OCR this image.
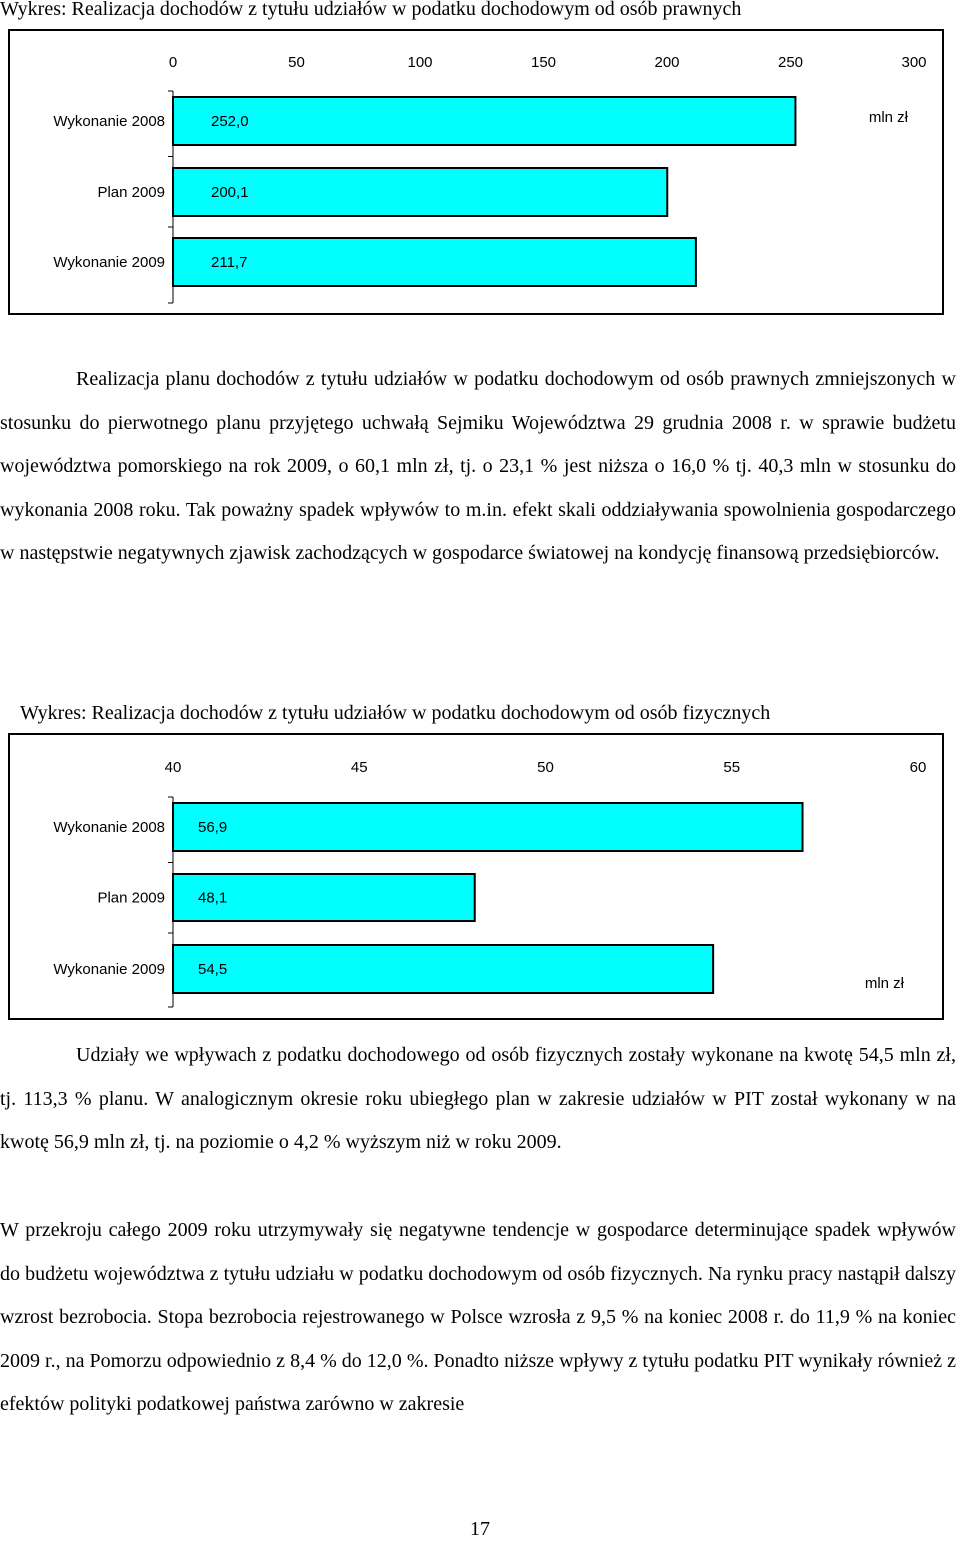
Wykres: Realizacja dochodów z tytułu udziałów w podatku dochodowym od osób prawnych
0	50	100	150	200	250	300
Wykonanie 2008	252,0
Plan 2009	200,1
Wykonanie 2009	211,7
mln zł

Realizacja planu dochodów z tytułu udziałów w podatku dochodowym od osób prawnych zmniejszonych w stosunku do pierwotnego planu przyjętego uchwałą Sejmiku Województwa 29 grudnia 2008 r. w sprawie budżetu województwa pomorskiego na rok 2009, o 60,1 mln zł, tj. o 23,1 % jest niższa o 16,0 % tj. 40,3 mln w stosunku do wykonania 2008 roku. Tak poważny spadek wpływów to m.in. efekt skali oddziaływania spowolnienia gospodarczego w następstwie negatywnych zjawisk zachodzących w gospodarce światowej na kondycję finansową przedsiębiorców.

Wykres: Realizacja dochodów z tytułu udziałów w podatku dochodowym od osób fizycznych
40	45	50	55	60
Wykonanie 2008 56,9
Plan 2009 48,1
Wykonanie 2009 54,5
mln zł

Udziały we wpływach z podatku dochodowego od osób fizycznych zostały wykonane na kwotę 54,5 mln zł, tj. 113,3 % planu. W analogicznym okresie roku ubiegłego plan w zakresie udziałów w PIT został wykonany w na kwotę 56,9 mln zł, tj. na poziomie o 4,2 % wyższym niż w roku 2009.

W przekroju całego 2009 roku utrzymywały się negatywne tendencje w gospodarce determinujące spadek wpływów do budżetu województwa z tytułu udziału w podatku dochodowym od osób fizycznych. Na rynku pracy nastąpił dalszy wzrost bezrobocia. Stopa bezrobocia rejestrowanego w Polsce wzrosła z 9,5 % na koniec 2008 r. do 11,9 % na koniec 2009 r., na Pomorzu odpowiednio z 8,4 % do 12,0 %. Ponadto niższe wpływy z tytułu podatku PIT wynikały również z efektów polityki podatkowej państwa zarówno w zakresie

17
